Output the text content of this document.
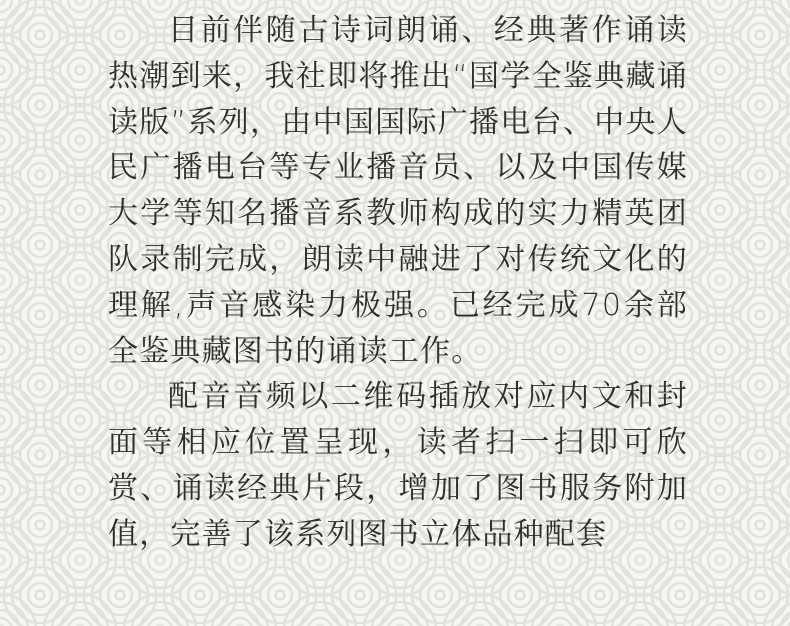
目前伴随古诗词朗诵、经典著作诵读热潮到来，我社即将推出“国学全鉴典藏诵读版”系列，由中国国际广播电台、中央人民广播电台等专业播音员、以及中国传媒大学等知名播音系教师构成的实力精英团队录制完成，朗读中融进了对传统文化的理解,声音感染力极强。已经完成70余部全鉴典藏图书的诵读工作。

配音音频以二维码插放对应内文和封面等相应位置呈现，读者扫一扫即可欣赏、诵读经典片段，增加了图书服务附加值，完善了该系列图书立体品种配套
